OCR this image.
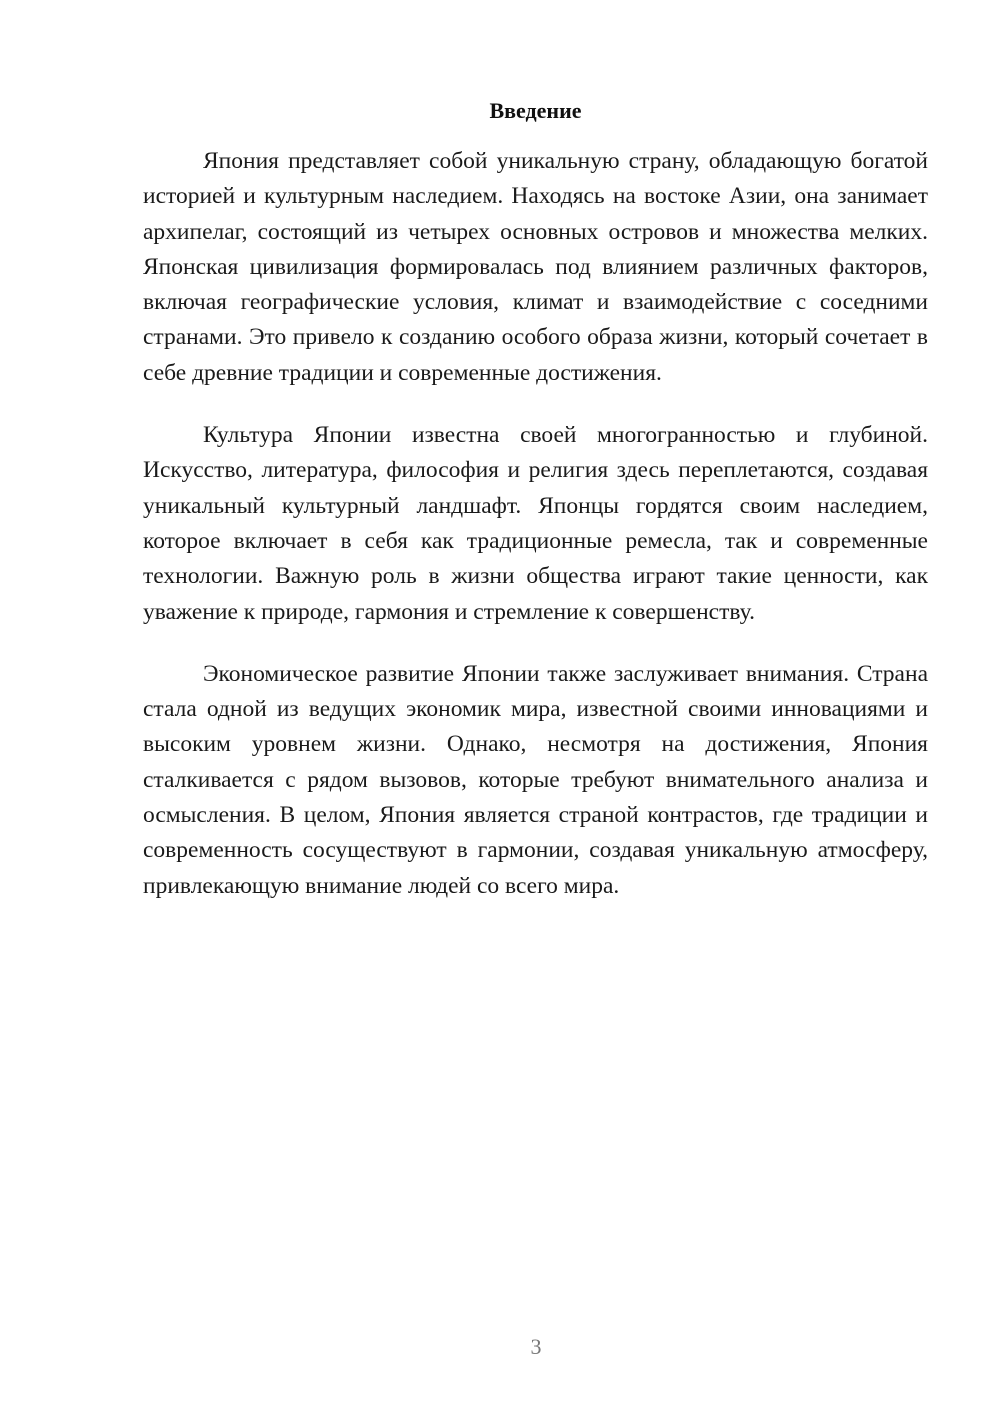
Введение

Япония представляет собой уникальную страну, обладающую богатой историей и культурным наследием. Находясь на востоке Азии, она занимает архипелаг, состоящий из четырех основных островов и множества мелких. Японская цивилизация формировалась под влиянием различных факторов, включая географические условия, климат и взаимодействие с соседними странами. Это привело к созданию особого образа жизни, который сочетает в себе древние традиции и современные достижения.

Культура Японии известна своей многогранностью и глубиной. Искусство, литература, философия и религия здесь переплетаются, создавая уникальный культурный ландшафт. Японцы гордятся своим наследием, которое включает в себя как традиционные ремесла, так и современные технологии. Важную роль в жизни общества играют такие ценности, как уважение к природе, гармония и стремление к совершенству.

Экономическое развитие Японии также заслуживает внимания. Страна стала одной из ведущих экономик мира, известной своими инновациями и высоким уровнем жизни. Однако, несмотря на достижения, Япония сталкивается с рядом вызовов, которые требуют внимательного анализа и осмысления. В целом, Япония является страной контрастов, где традиции и современность сосуществуют в гармонии, создавая уникальную атмосферу, привлекающую внимание людей со всего мира.

3
